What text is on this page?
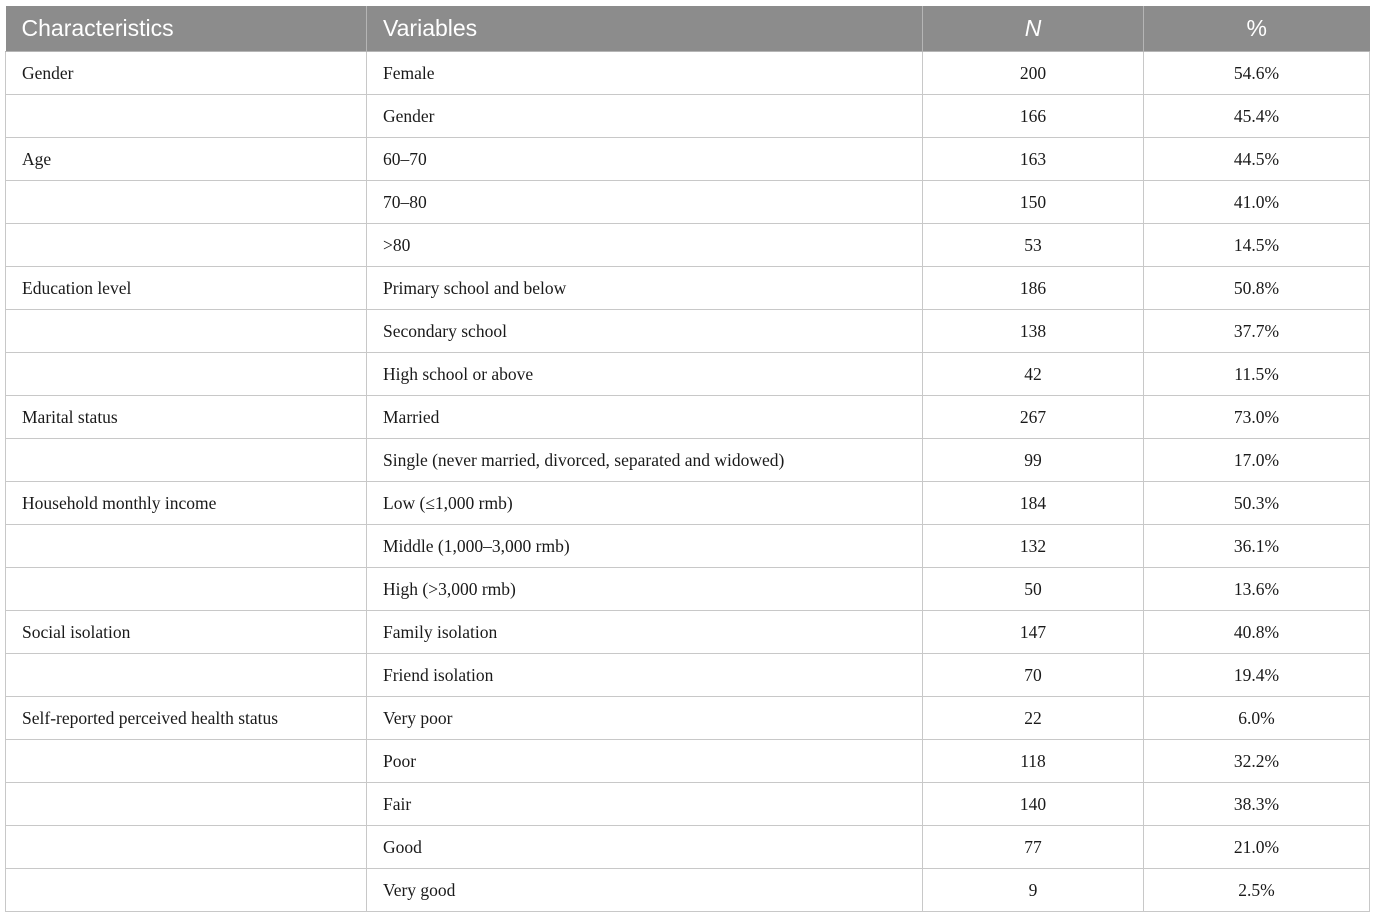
Characteristics	Variables	N	%
Gender	Female	200	54.6%
	Gender	166	45.4%
Age	60–70	163	44.5%
	70–80	150	41.0%
	>80	53	14.5%
Education level	Primary school and below	186	50.8%
	Secondary school	138	37.7%
	High school or above	42	11.5%
Marital status	Married	267	73.0%
	Single (never married, divorced, separated and widowed)	99	17.0%
Household monthly income	Low (≤1,000 rmb)	184	50.3%
	Middle (1,000–3,000 rmb)	132	36.1%
	High (>3,000 rmb)	50	13.6%
Social isolation	Family isolation	147	40.8%
	Friend isolation	70	19.4%
Self-reported perceived health status	Very poor	22	6.0%
	Poor	118	32.2%
	Fair	140	38.3%
	Good	77	21.0%
	Very good	9	2.5%
